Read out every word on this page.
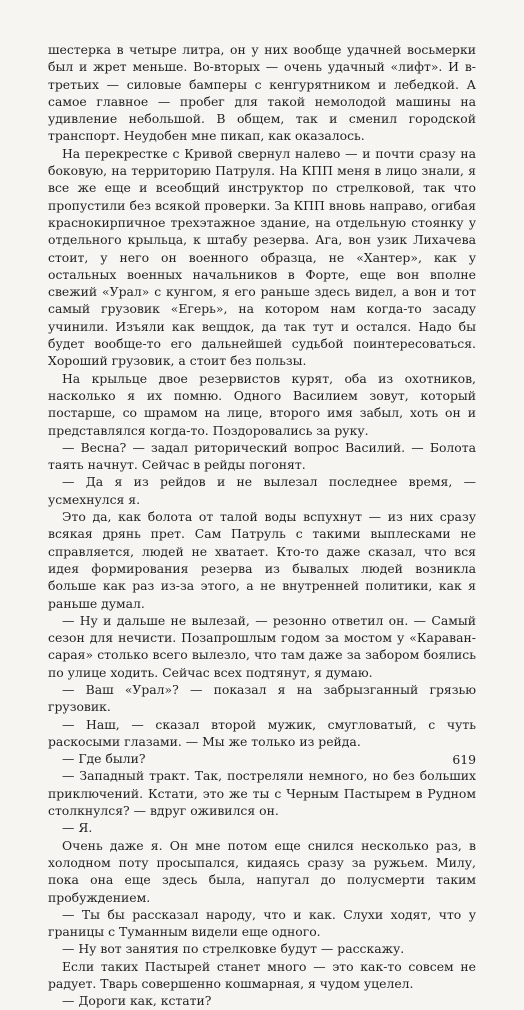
шестерка в четыре литра, он у них вообще удачней восьмерки был и жрет меньше. Во-вторых — очень удачный «лифт». И в-третьих — силовые бамперы с кенгурятником и лебедкой. А самое главное — пробег для такой немолодой машины на удивление небольшой. В общем, так и сменил городской транспорт. Неудобен мне пикап, как оказалось.

На перекрестке с Кривой свернул налево — и почти сразу на боковую, на территорию Патруля. На КПП меня в лицо знали, я все же еще и всеобщий инструктор по стрелковой, так что пропустили без всякой проверки. За КПП вновь направо, огибая краснокирпичное трехэтажное здание, на отдельную стоянку у отдельного крыльца, к штабу резерва. Ага, вон узик Лихачева стоит, у него он военного образца, не «Хантер», как у остальных военных начальников в Форте, еще вон вполне свежий «Урал» с кунгом, я его раньше здесь видел, а вон и тот самый грузовик «Егерь», на котором нам когда-то засаду учинили. Изъяли как вещдок, да так тут и остался. Надо бы будет вообще-то его дальнейшей судьбой поинтересоваться. Хороший грузовик, а стоит без пользы.

На крыльце двое резервистов курят, оба из охотников, насколько я их помню. Одного Василием зовут, который постарше, со шрамом на лице, второго имя забыл, хоть он и представлялся когда-то. Поздоровались за руку.

— Весна? — задал риторический вопрос Василий. — Болота таять начнут. Сейчас в рейды погонят.

— Да я из рейдов и не вылезал последнее время, — усмехнулся я.

Это да, как болота от талой воды вспухнут — из них сразу всякая дрянь прет. Сам Патруль с такими выплесками не справляется, людей не хватает. Кто-то даже сказал, что вся идея формирования резерва из бывалых людей возникла больше как раз из-за этого, а не внутренней политики, как я раньше думал.

— Ну и дальше не вылезай, — резонно ответил он. — Самый сезон для нечисти. Позапрошлым годом за мостом у «Караван-сарая» столько всего вылезло, что там даже за забором боялись по улице ходить. Сейчас всех подтянут, я думаю.

— Ваш «Урал»? — показал я на забрызганный грязью грузовик.

— Наш, — сказал второй мужик, смугловатый, с чуть раскосыми глазами. — Мы же только из рейда.

— Где были?

— Западный тракт. Так, постреляли немного, но без больших приключений. Кстати, это же ты с Черным Пастырем в Рудном столкнулся? — вдруг оживился он.

— Я.

Очень даже я. Он мне потом еще снился несколько раз, в холодном поту просыпался, кидаясь сразу за ружьем. Милу, пока она еще здесь была, напугал до полусмерти таким пробуждением.

— Ты бы рассказал народу, что и как. Слухи ходят, что у границы с Туманным видели еще одного.

— Ну вот занятия по стрелковке будут — расскажу.

Если таких Пастырей станет много — это как-то совсем не радует. Тварь совершенно кошмарная, я чудом уцелел.

— Дороги как, кстати?

619
